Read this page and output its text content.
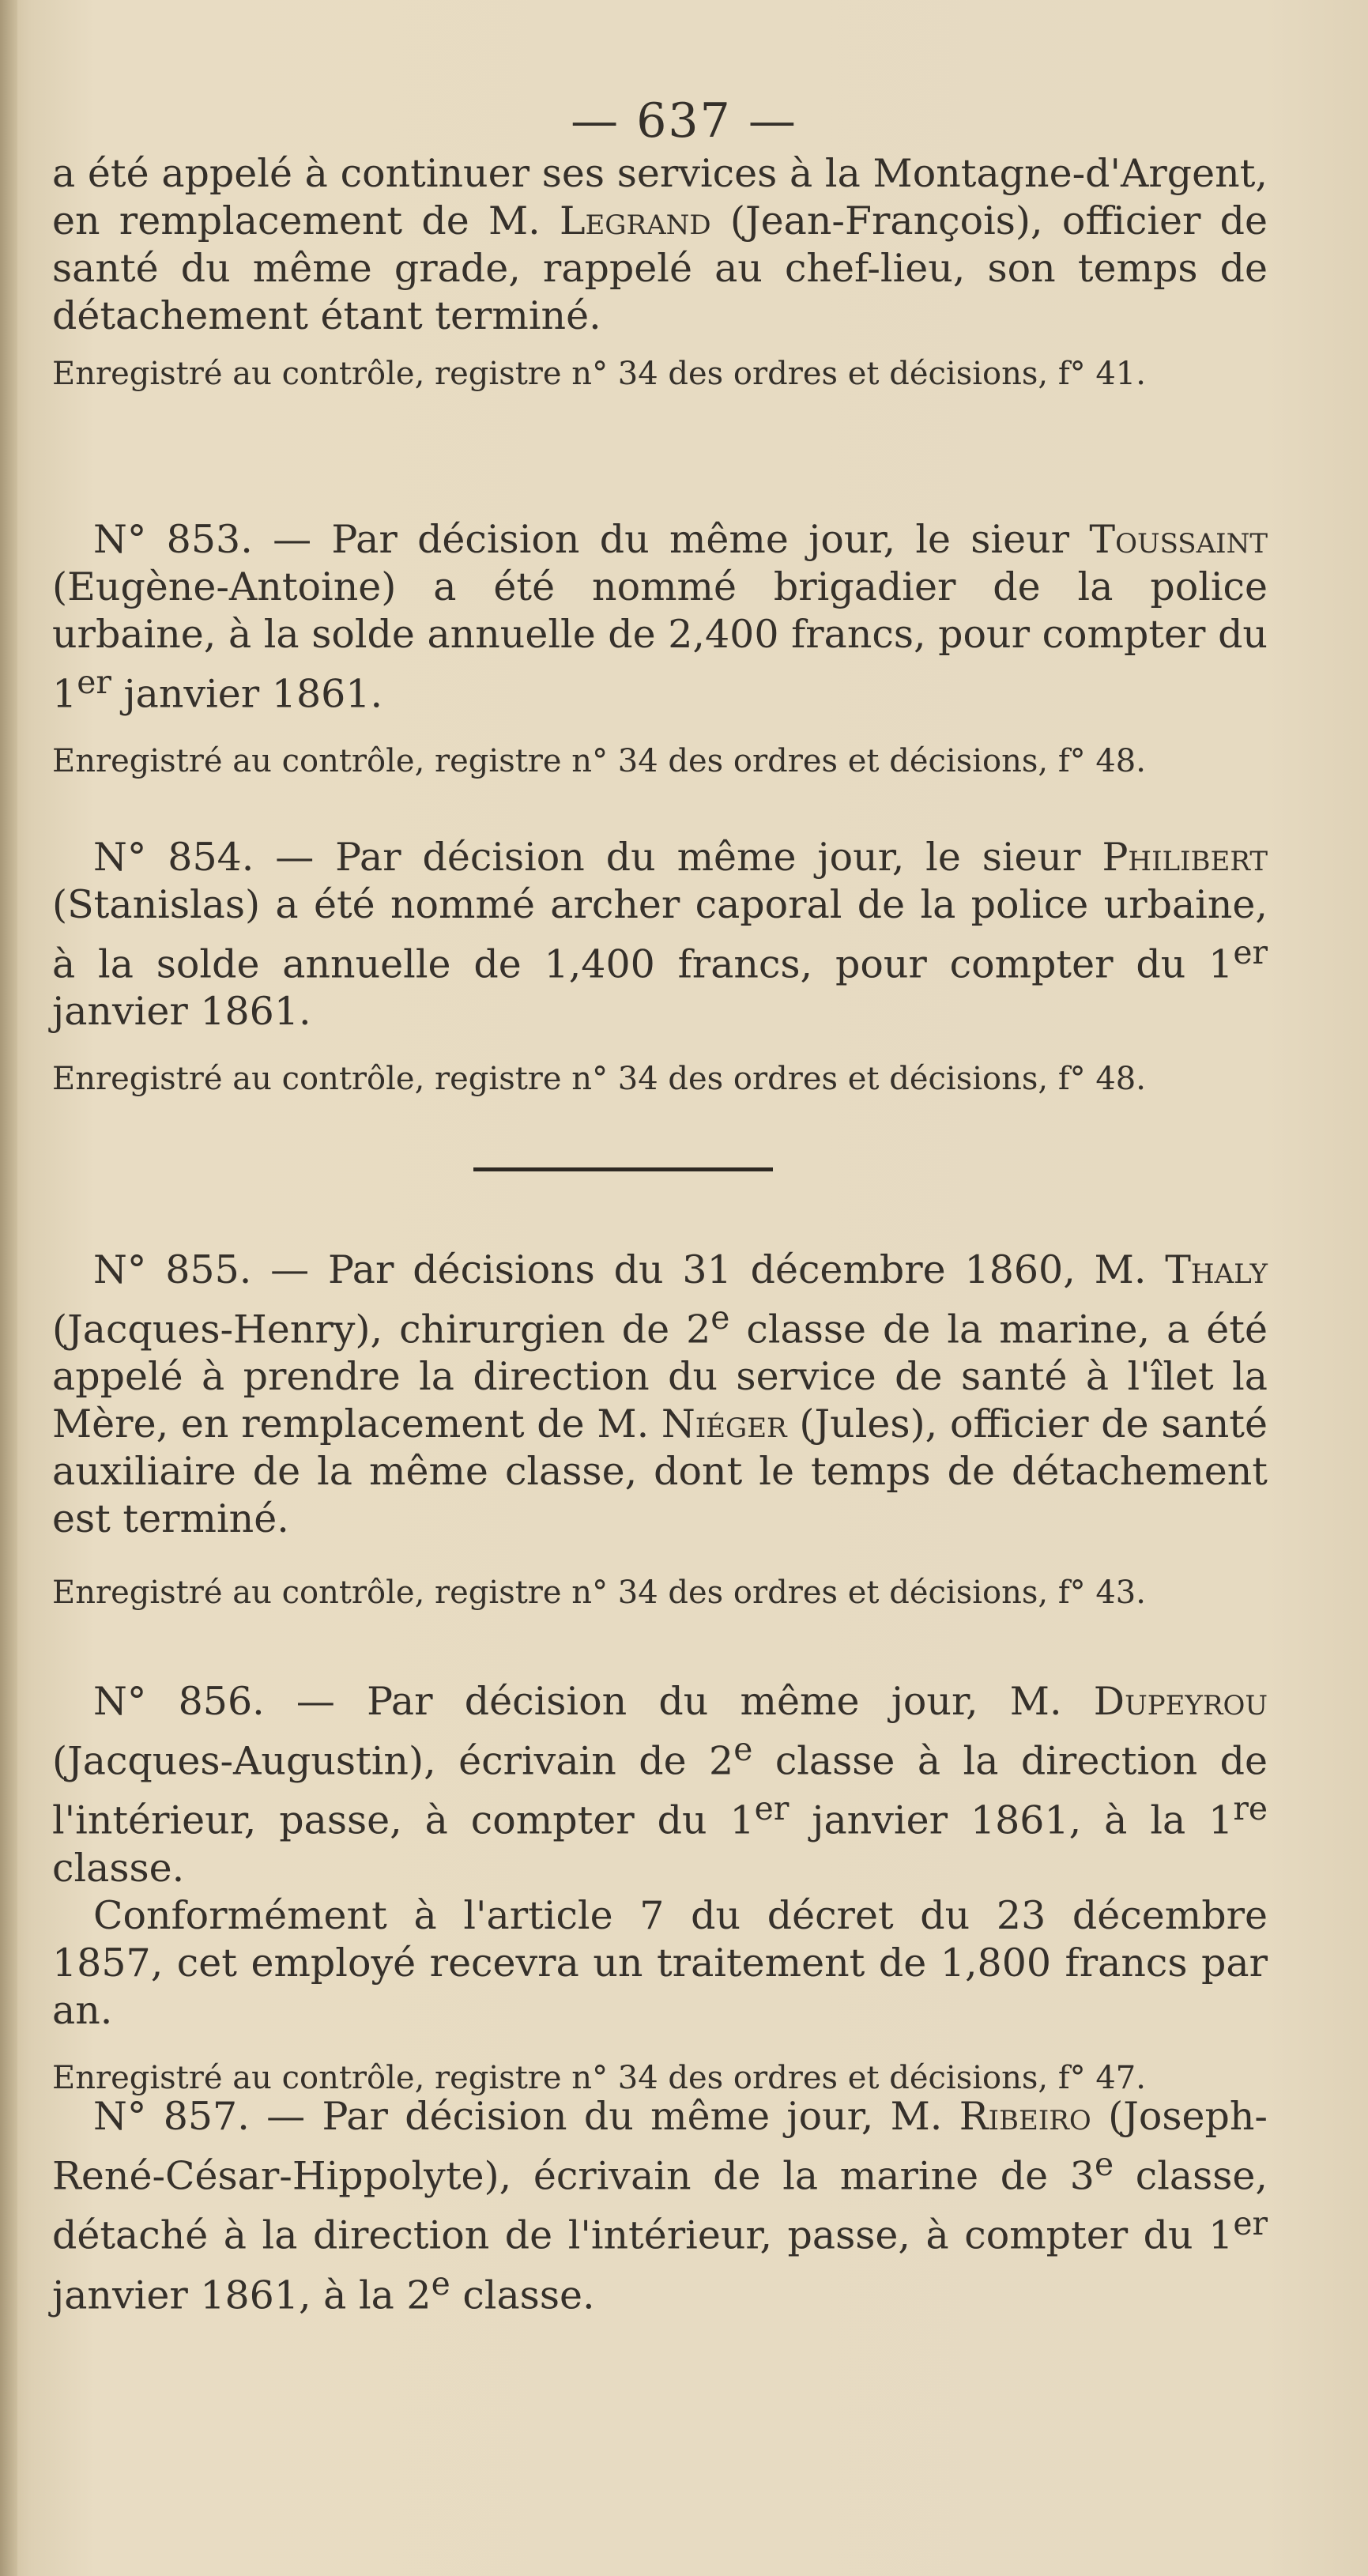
— 637 —

a été appelé à continuer ses services à la Montagne-d'Argent, en remplacement de M. Legrand (Jean-François), officier de santé du même grade, rappelé au chef-lieu, son temps de détachement étant terminé.

Enregistré au contrôle, registre n° 34 des ordres et décisions, f° 41.

N° 853. — Par décision du même jour, le sieur Toussaint (Eugène-Antoine) a été nommé brigadier de la police urbaine, à la solde annuelle de 2,400 francs, pour compter du 1er janvier 1861.

Enregistré au contrôle, registre n° 34 des ordres et décisions, f° 48.

N° 854. — Par décision du même jour, le sieur Philibert (Stanislas) a été nommé archer caporal de la police urbaine, à la solde annuelle de 1,400 francs, pour compter du 1er janvier 1861.

Enregistré au contrôle, registre n° 34 des ordres et décisions, f° 48.

N° 855. — Par décisions du 31 décembre 1860, M. Thaly (Jacques-Henry), chirurgien de 2e classe de la marine, a été appelé à prendre la direction du service de santé à l'îlet la Mère, en remplacement de M. Niéger (Jules), officier de santé auxiliaire de la même classe, dont le temps de détachement est terminé.

Enregistré au contrôle, registre n° 34 des ordres et décisions, f° 43.

N° 856. — Par décision du même jour, M. Dupeyrou (Jacques-Augustin), écrivain de 2e classe à la direction de l'intérieur, passe, à compter du 1er janvier 1861, à la 1re classe.

Conformément à l'article 7 du décret du 23 décembre 1857, cet employé recevra un traitement de 1,800 francs par an.

Enregistré au contrôle, registre n° 34 des ordres et décisions, f° 47.

N° 857. — Par décision du même jour, M. Ribeiro (Joseph-René-César-Hippolyte), écrivain de la marine de 3e classe, détaché à la direction de l'intérieur, passe, à compter du 1er janvier 1861, à la 2e classe.
